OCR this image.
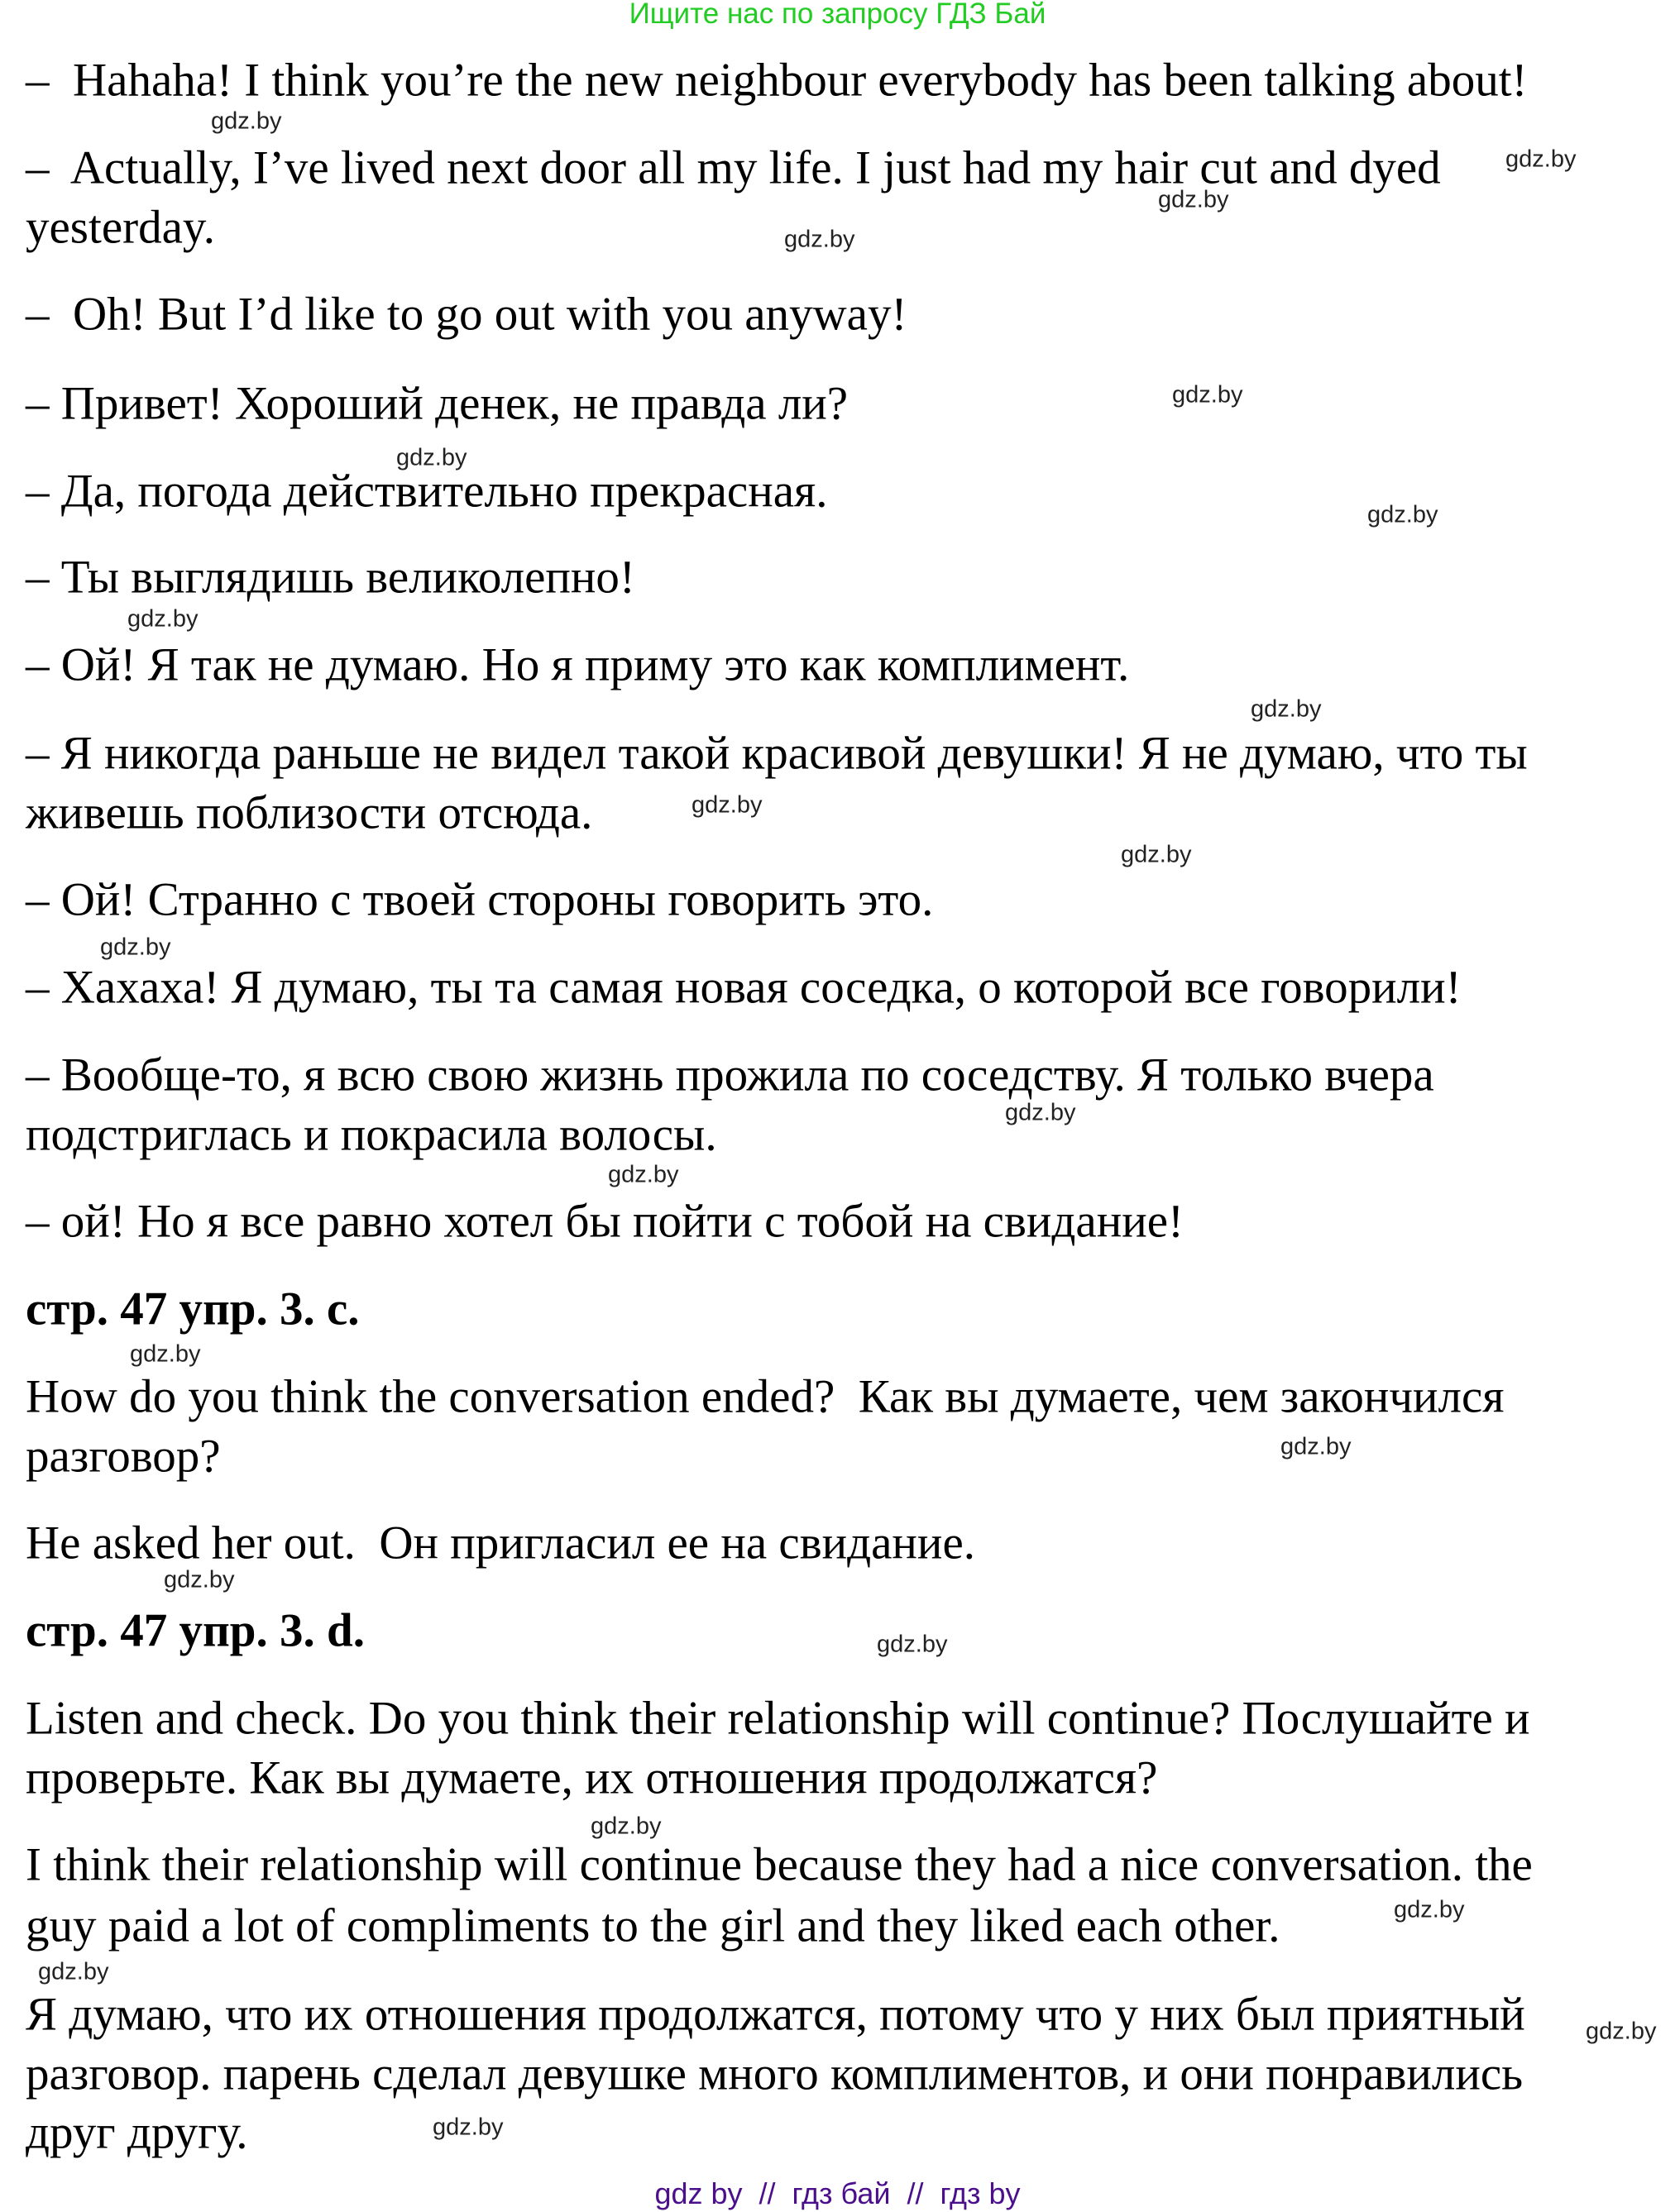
Ищите нас по запросу ГДЗ Бай
–  Hahaha! I think you’re the new neighbour everybody has been talking about!
–  Actually, I’ve lived next door all my life. I just had my hair cut and dyed
yesterday.
–  Oh! But I’d like to go out with you anyway!
– Привет! Хороший денек, не правда ли?
– Да, погода действительно прекрасная.
– Ты выглядишь великолепно!
– Ой! Я так не думаю. Но я приму это как комплимент.
– Я никогда раньше не видел такой красивой девушки! Я не думаю, что ты
живешь поблизости отсюда.
– Ой! Странно с твоей стороны говорить это.
– Хахаха! Я думаю, ты та самая новая соседка, о которой все говорили!
– Вообще-то, я всю свою жизнь прожила по соседству. Я только вчера
подстриглась и покрасила волосы.
– ой! Но я все равно хотел бы пойти с тобой на свидание!
стр. 47 упр. 3. c.
How do you think the conversation ended?  Как вы думаете, чем закончился
разговор?
He asked her out.  Он пригласил ее на свидание.
стр. 47 упр. 3. d.
Listen and check. Do you think their relationship will continue? Послушайте и
проверьте. Как вы думаете, их отношения продолжатся?
I think their relationship will continue because they had a nice conversation. the
guy paid a lot of compliments to the girl and they liked each other.
Я думаю, что их отношения продолжатся, потому что у них был приятный
разговор. парень сделал девушке много комплиментов, и они понравились
друг другу.
gdz.by
gdz.by
gdz.by
gdz.by
gdz.by
gdz.by
gdz.by
gdz.by
gdz.by
gdz.by
gdz.by
gdz.by
gdz.by
gdz.by
gdz.by
gdz.by
gdz.by
gdz.by
gdz.by
gdz.by
gdz.by
gdz.by
gdz.by
gdz by  //  гдз бай  //  гдз by
